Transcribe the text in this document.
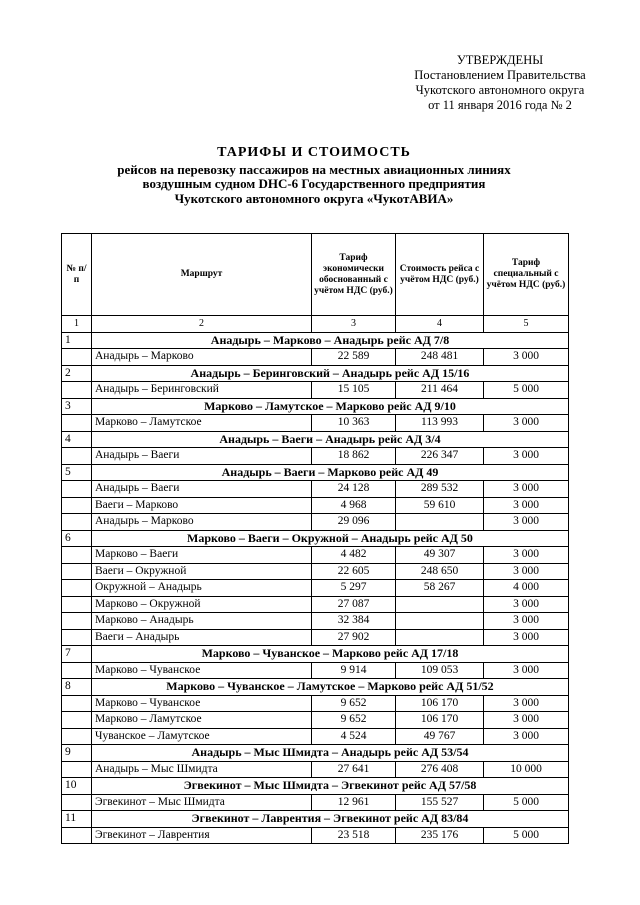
УТВЕРЖДЕНЫ
Постановлением Правительства
Чукотского автономного округа
от 11 января 2016 года № 2
ТАРИФЫ И СТОИМОСТЬ
рейсов на перевозку пассажиров на местных авиационных линиях
воздушным судном DHC-6 Государственного предприятия
Чукотского автономного округа «ЧукотАВИА»
№ п/п	Маршрут	Тариф экономически обоснованный с учётом НДС (руб.)	Стоимость рейса с учётом НДС (руб.)	Тариф специальный с учётом НДС (руб.)
1	2	3	4	5
1	Анадырь – Марково – Анадырь рейс АД 7/8			
	Анадырь – Марково	22 589	248 481	3 000
2	Анадырь – Беринговский – Анадырь рейс АД 15/16			
	Анадырь – Беринговский	15 105	211 464	5 000
3	Марково – Ламутское – Марково рейс АД 9/10			
	Марково – Ламутское	10 363	113 993	3 000
4	Анадырь – Ваеги – Анадырь рейс АД 3/4			
	Анадырь – Ваеги	18 862	226 347	3 000
5	Анадырь – Ваеги – Марково рейс АД 49			
	Анадырь – Ваеги	24 128	289 532	3 000
	Ваеги – Марково	4 968	59 610	3 000
	Анадырь – Марково	29 096		3 000
6	Марково – Ваеги – Окружной – Анадырь рейс АД 50			
	Марково – Ваеги	4 482	49 307	3 000
	Ваеги – Окружной	22 605	248 650	3 000
	Окружной – Анадырь	5 297	58 267	4 000
	Марково – Окружной	27 087		3 000
	Марково – Анадырь	32 384		3 000
	Ваеги – Анадырь	27 902		3 000
7	Марково – Чуванское – Марково рейс АД 17/18			
	Марково – Чуванское	9 914	109 053	3 000
8	Марково – Чуванское – Ламутское – Марково рейс АД 51/52			
	Марково – Чуванское	9 652	106 170	3 000
	Марково – Ламутское	9 652	106 170	3 000
	Чуванское – Ламутское	4 524	49 767	3 000
9	Анадырь – Мыс Шмидта – Анадырь рейс АД 53/54			
	Анадырь – Мыс Шмидта	27 641	276 408	10 000
10	Эгвекинот – Мыс Шмидта – Эгвекинот рейс АД 57/58			
	Эгвекинот – Мыс Шмидта	12 961	155 527	5 000
11	Эгвекинот – Лаврентия – Эгвекинот рейс АД 83/84			
	Эгвекинот – Лаврентия	23 518	235 176	5 000
